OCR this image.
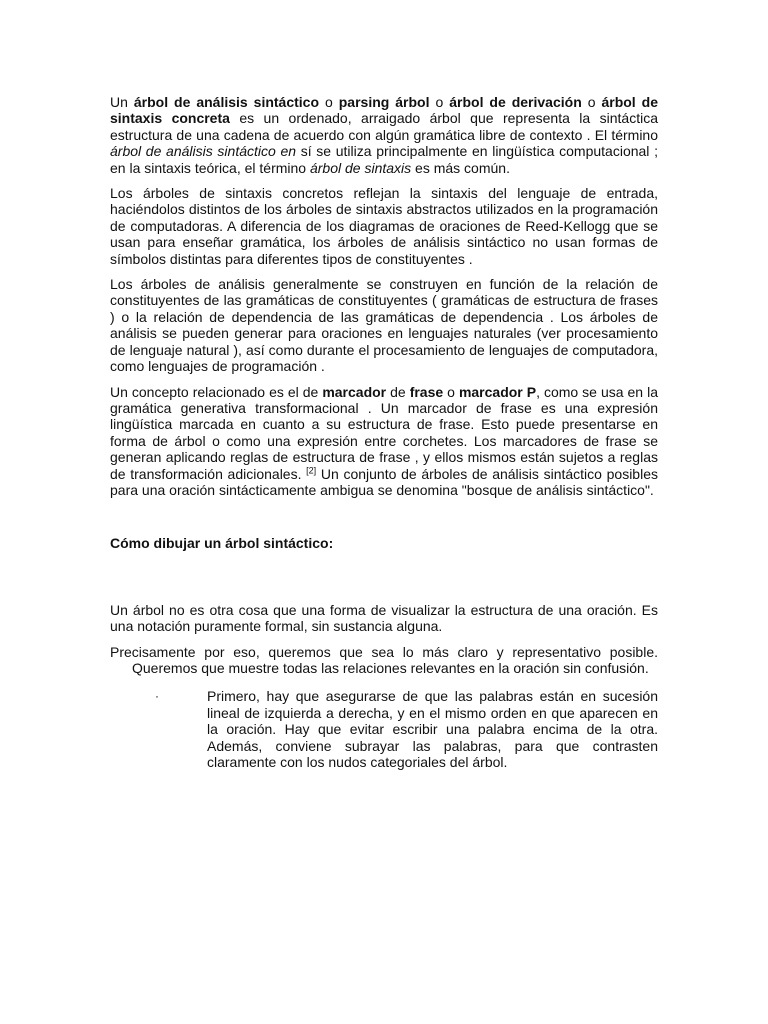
Un árbol de análisis sintáctico o parsing árbol o árbol de derivación o árbol de sintaxis concreta es un ordenado, arraigado árbol que representa la sintáctica estructura de una cadena de acuerdo con algún gramática libre de contexto . El término árbol de análisis sintáctico en sí se utiliza principalmente en lingüística computacional ; en la sintaxis teórica, el término árbol de sintaxis es más común.

Los árboles de sintaxis concretos reflejan la sintaxis del lenguaje de entrada, haciéndolos distintos de los árboles de sintaxis abstractos utilizados en la programación de computadoras. A diferencia de los diagramas de oraciones de Reed-Kellogg que se usan para enseñar gramática, los árboles de análisis sintáctico no usan formas de símbolos distintas para diferentes tipos de constituyentes .

Los árboles de análisis generalmente se construyen en función de la relación de constituyentes de las gramáticas de constituyentes ( gramáticas de estructura de frases ) o la relación de dependencia de las gramáticas de dependencia . Los árboles de análisis se pueden generar para oraciones en lenguajes naturales (ver procesamiento de lenguaje natural ), así como durante el procesamiento de lenguajes de computadora, como lenguajes de programación .

Un concepto relacionado es el de marcador de frase o marcador P, como se usa en la gramática generativa transformacional . Un marcador de frase es una expresión lingüística marcada en cuanto a su estructura de frase. Esto puede presentarse en forma de árbol o como una expresión entre corchetes. Los marcadores de frase se generan aplicando reglas de estructura de frase , y ellos mismos están sujetos a reglas de transformación adicionales. [2] Un conjunto de árboles de análisis sintáctico posibles para una oración sintácticamente ambigua se denomina "bosque de análisis sintáctico".

Cómo dibujar un árbol sintáctico:

Un árbol no es otra cosa que una forma de visualizar la estructura de una oración. Es una notación puramente formal, sin sustancia alguna.

Precisamente por eso, queremos que sea lo más claro y representativo posible. Queremos que muestre todas las relaciones relevantes en la oración sin confusión.

·	Primero, hay que asegurarse de que las palabras están en sucesión lineal de izquierda a derecha, y en el mismo orden en que aparecen en la oración. Hay que evitar escribir una palabra encima de la otra. Además, conviene subrayar las palabras, para que contrasten claramente con los nudos categoriales del árbol.
